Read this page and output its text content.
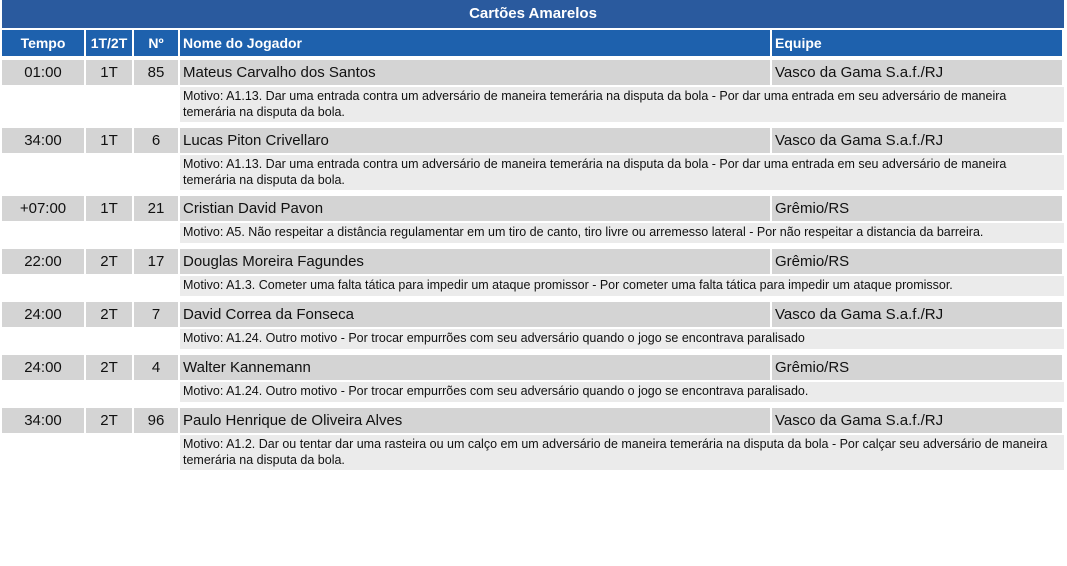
Cartões Amarelos
Tempo	1T/2T	Nº	Nome do Jogador	Equipe
01:00	1T	85	Mateus Carvalho dos Santos	Vasco da Gama S.a.f./RJ
Motivo: A1.13. Dar uma entrada contra um adversário de maneira temerária na disputa da bola - Por dar uma entrada em seu adversário de maneira temerária na disputa da bola.
34:00	1T	6	Lucas Piton Crivellaro	Vasco da Gama S.a.f./RJ
Motivo: A1.13. Dar uma entrada contra um adversário de maneira temerária na disputa da bola - Por dar uma entrada em seu adversário de maneira temerária na disputa da bola.
+07:00	1T	21	Cristian David Pavon	Grêmio/RS
Motivo: A5. Não respeitar a distância regulamentar em um tiro de canto, tiro livre ou arremesso lateral - Por não respeitar a distancia da barreira.
22:00	2T	17	Douglas Moreira Fagundes	Grêmio/RS
Motivo: A1.3. Cometer uma falta tática para impedir um ataque promissor - Por cometer uma falta tática para impedir um ataque promissor.
24:00	2T	7	David Correa da Fonseca	Vasco da Gama S.a.f./RJ
Motivo: A1.24. Outro motivo - Por trocar empurrões com seu adversário quando o jogo se encontrava paralisado
24:00	2T	4	Walter Kannemann	Grêmio/RS
Motivo: A1.24. Outro motivo - Por trocar empurrões com seu adversário quando o jogo se encontrava paralisado.
34:00	2T	96	Paulo Henrique de Oliveira Alves	Vasco da Gama S.a.f./RJ
Motivo: A1.2. Dar ou tentar dar uma rasteira ou um calço em um adversário de maneira temerária na disputa da bola - Por calçar seu adversário de maneira temerária na disputa da bola.
